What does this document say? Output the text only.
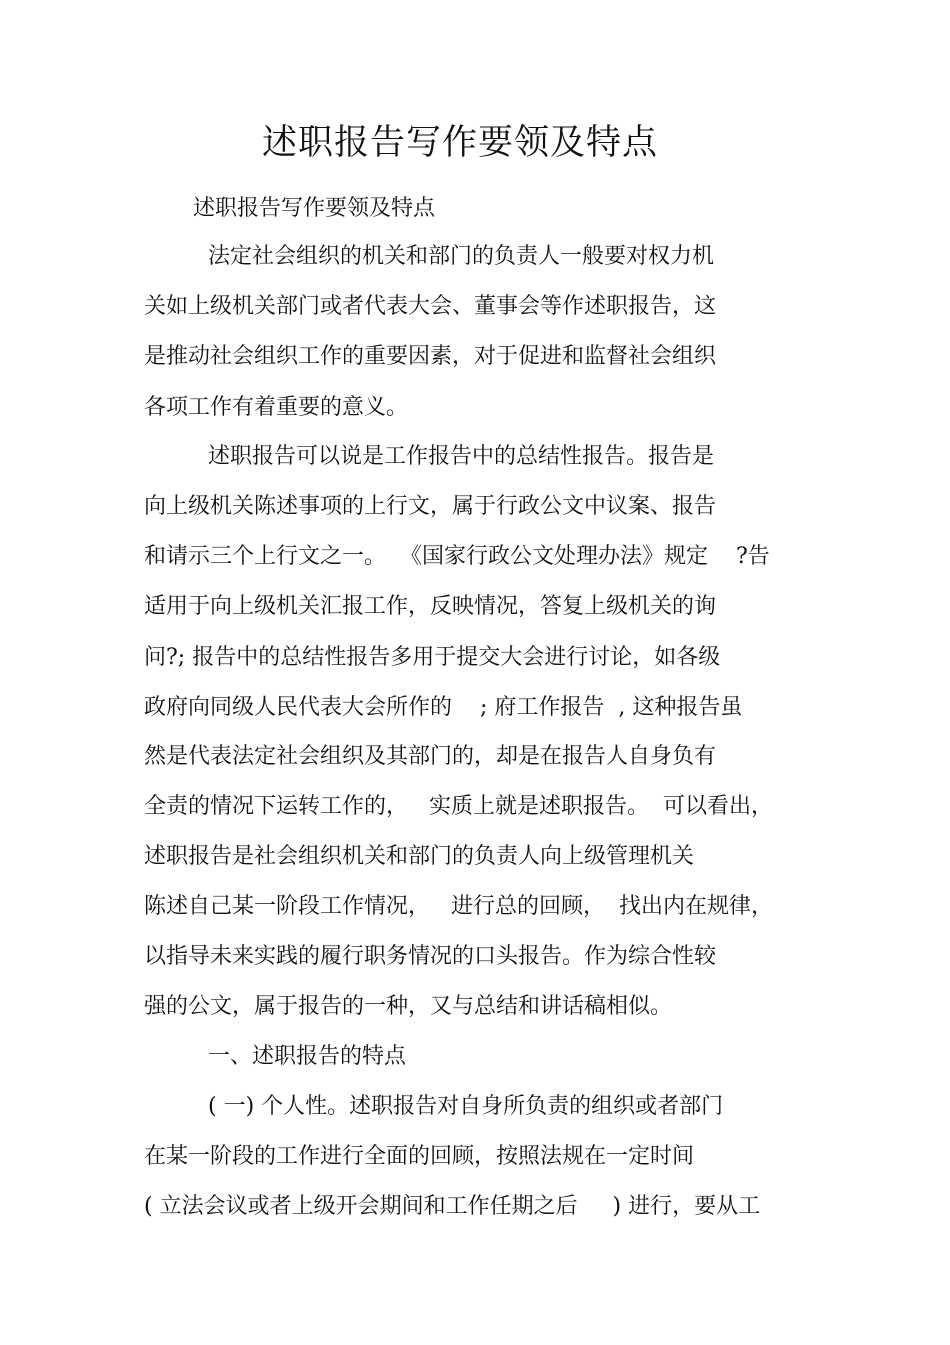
述职报告写作要领及特点
述职报告写作要领及特点
法定社会组织的机关和部门的负责人一般要对权力机
关如上级机关部门或者代表大会、董事会等作述职报告，这
是推动社会组织工作的重要因素，对于促进和监督社会组织
各项工作有着重要的意义。
述职报告可以说是工作报告中的总结性报告。报告是
向上级机关陈述事项的上行文，属于行政公文中议案、报告
和请示三个上行文之一。  《国家行政公文处理办法》规定    ?告
适用于向上级机关汇报工作，反映情况，答复上级机关的询
问?; 报告中的总结性报告多用于提交大会进行讨论，如各级
政府向同级人民代表大会所作的    ; 府工作报告  , 这种报告虽
然是代表法定社会组织及其部门的，却是在报告人自身负有
全责的情况下运转工作的，   实质上就是述职报告。  可以看出，
述职报告是社会组织机关和部门的负责人向上级管理机关
陈述自己某一阶段工作情况，   进行总的回顾，  找出内在规律，
以指导未来实践的履行职务情况的口头报告。作为综合性较
强的公文，属于报告的一种，又与总结和讲话稿相似。
一、述职报告的特点
( 一) 个人性。述职报告对自身所负责的组织或者部门
在某一阶段的工作进行全面的回顾，按照法规在一定时间
( 立法会议或者上级开会期间和工作任期之后     ) 进行，要从工
